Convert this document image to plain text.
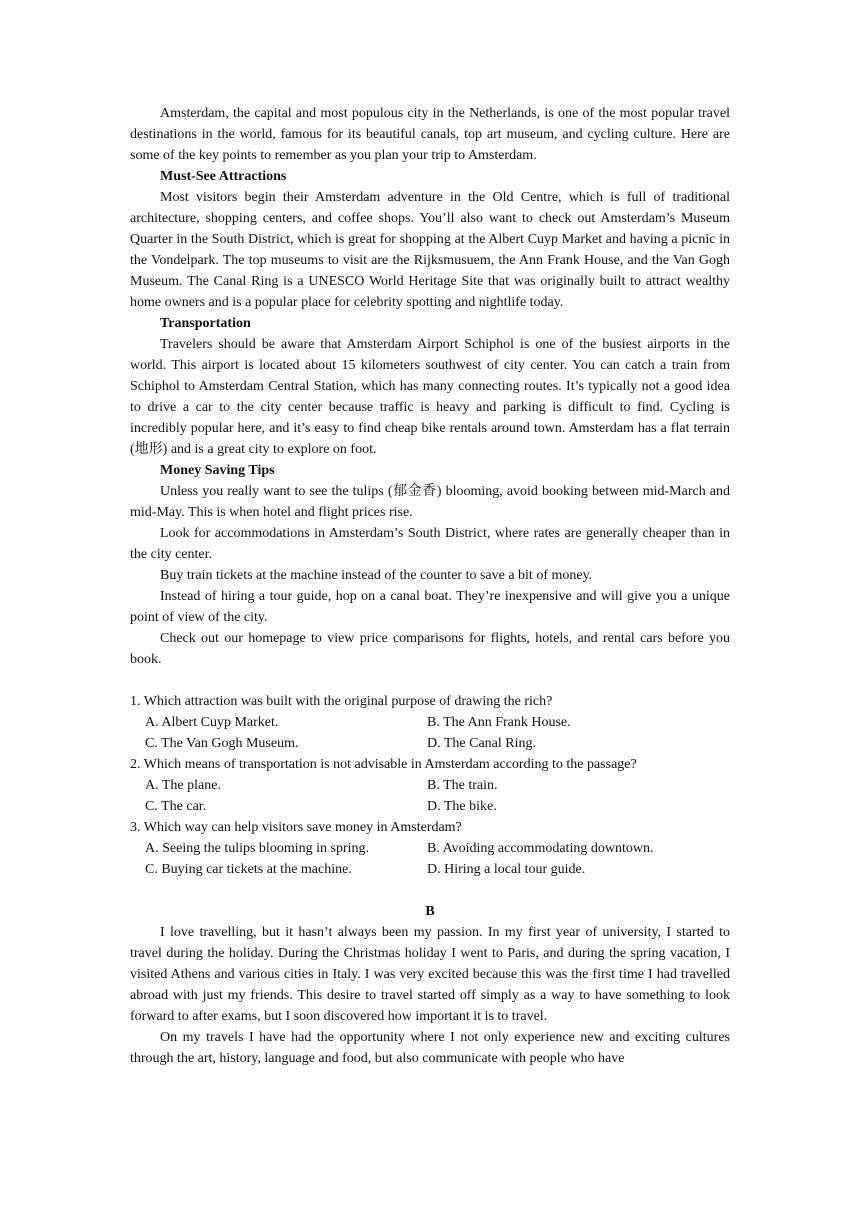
Amsterdam, the capital and most populous city in the Netherlands, is one of the most popular travel destinations in the world, famous for its beautiful canals, top art museum, and cycling culture. Here are some of the key points to remember as you plan your trip to Amsterdam.

Must-See Attractions

Most visitors begin their Amsterdam adventure in the Old Centre, which is full of traditional architecture, shopping centers, and coffee shops. You’ll also want to check out Amsterdam’s Museum Quarter in the South District, which is great for shopping at the Albert Cuyp Market and having a picnic in the Vondelpark. The top museums to visit are the Rijksmusuem, the Ann Frank House, and the Van Gogh Museum. The Canal Ring is a UNESCO World Heritage Site that was originally built to attract wealthy home owners and is a popular place for celebrity spotting and nightlife today.

Transportation

Travelers should be aware that Amsterdam Airport Schiphol is one of the busiest airports in the world. This airport is located about 15 kilometers southwest of city center. You can catch a train from Schiphol to Amsterdam Central Station, which has many connecting routes. It’s typically not a good idea to drive a car to the city center because traffic is heavy and parking is difficult to find. Cycling is incredibly popular here, and it’s easy to find cheap bike rentals around town. Amsterdam has a flat terrain (地形) and is a great city to explore on foot.

Money Saving Tips

Unless you really want to see the tulips (郁金香) blooming, avoid booking between mid-March and mid-May. This is when hotel and flight prices rise.

Look for accommodations in Amsterdam’s South District, where rates are generally cheaper than in the city center.

Buy train tickets at the machine instead of the counter to save a bit of money.

Instead of hiring a tour guide, hop on a canal boat. They’re inexpensive and will give you a unique point of view of the city.

Check out our homepage to view price comparisons for flights, hotels, and rental cars before you book.

1. Which attraction was built with the original purpose of drawing the rich?

A. Albert Cuyp Market.	B. The Ann Frank House.
C. The Van Gogh Museum.	D. The Canal Ring.

2. Which means of transportation is not advisable in Amsterdam according to the passage?

A. The plane.	B. The train.
C. The car.	D. The bike.

3. Which way can help visitors save money in Amsterdam?

A. Seeing the tulips blooming in spring.	B. Avoiding accommodating downtown.
C. Buying car tickets at the machine.	D. Hiring a local tour guide.

B

I love travelling, but it hasn’t always been my passion. In my first year of university, I started to travel during the holiday. During the Christmas holiday I went to Paris, and during the spring vacation, I visited Athens and various cities in Italy. I was very excited because this was the first time I had travelled abroad with just my friends. This desire to travel started off simply as a way to have something to look forward to after exams, but I soon discovered how important it is to travel.

On my travels I have had the opportunity where I not only experience new and exciting cultures through the art, history, language and food, but also communicate with people who have
